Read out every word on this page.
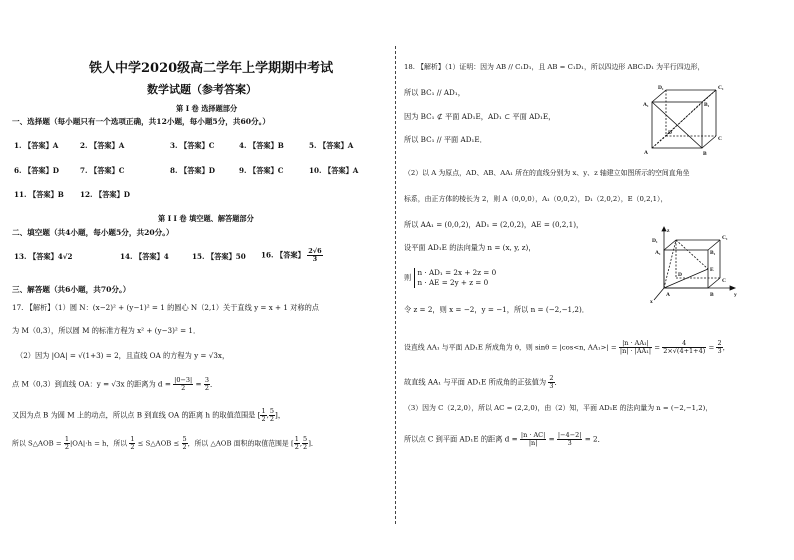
铁人中学2020级高二学年上学期期中考试
数学试题（参考答案）
第 I 卷 选择题部分
一、选择题（每小题只有一个选项正确，共12小题，每小题5分，共60分。）
1. 【答案】A	2. 【答案】A	3. 【答案】C	4. 【答案】B	5. 【答案】A
6. 【答案】D	7. 【答案】C	8. 【答案】D	9. 【答案】C	10. 【答案】A
11. 【答案】B 12. 【答案】D
第 I I 卷 填空题、解答题部分
二、填空题（共4小题，每小题5分，共20分。）
13. 【答案】4√2	14. 【答案】4	15. 【答案】50 16. 【答案】 $\frac{2√6}{3}$
三、解答题（共6小题，共70分。）
17. 【解析】（1）圆 N：(x−2)² + (y−1)² = 1 的圆心 N（2,1）关于直线 y = x + 1 对称的点
为 M（0,3），所以圆 M 的标准方程为 x² + (y−3)² = 1．
（2）因为 |OA| = √(1+3) = 2，且直线 OA 的方程为 y = √3x，
点 M（0,3）到直线 OA：y = √3x 的距离为 $d = \frac{|0-3|}{2} = \frac{3}{2}$ ．
又因为点 B 为圆 M 上的动点，所以点 B 到直线 OA 的距离 h 的取值范围是 [ $\frac{1}{2}$ , $\frac{5}{2}$ ]，
所以 S△AOB = $\frac{1}{2} |OA|\cdot h = h$，所以 $\frac{1}{2}$ ≤ S△AOB ≤ $\frac{5}{2}$ ，所以 △AOB 面积的取值范围是 [ $\frac{1}{2}$ , $\frac{5}{2}$ ]．
18. 【解析】（1）证明：因为 AB // C₁D₁，且 AB = C₁D₁，所以四边形 ABC₁D₁ 为平行四边形，
所以 BC₁ // AD₁，
因为 BC₁ ⊄ 平面 AD₁E，AD₁ ⊂ 平面 AD₁E，
所以 BC₁ // 平面 AD₁E．
D₁	C₁
A₁	B₁
D
C
A	B
（2）以 A 为原点，AD、AB、AA₁ 所在的直线分别为 x、y、z 轴建立如图所示的空间直角坐
标系，由正方体的棱长为 2，则 A（0,0,0），A₁（0,0,2），D₁（2,0,2），E（0,2,1），
所以 AA₁ = (0,0,2)，AD₁ = (2,0,2)，AE = (0,2,1)，
设平面 AD₁E 的法向量为 n = (x, y, z)，
则
n · AD₁ = 2x + 2z = 0
n · AE = 2y + z = 0
z
D₁	C₁
A₁	B₁
E
D
C
A	B
x
y
令 z = 2，则 x = −2，y = −1，所以 n = (−2,−1,2)．
设直线 AA₁ 与平面 AD₁E 所成角为 θ，则 sinθ = |cos<n, $AA_1>| = \frac{\text{|n · AA₁|}}{\text{|n| · |AA₁|}} = \frac{4}{2\times√(4+1+4)} = \frac{2}{3}$ ，
故直线 AA₁ 与平面 AD₁E 所成角的正弦值为 $\frac{2}{3}$ ．
（3）因为 C（2,2,0），所以 AC = (2,2,0)，由（2）知，平面 AD₁E 的法向量为 n = (−2,−1,2)，
所以点 C 到平面 AD₁E 的距离 $d = \frac{|n \cdot AC|}{|n|} = \frac{|-4-2|}{3} = 2$．
